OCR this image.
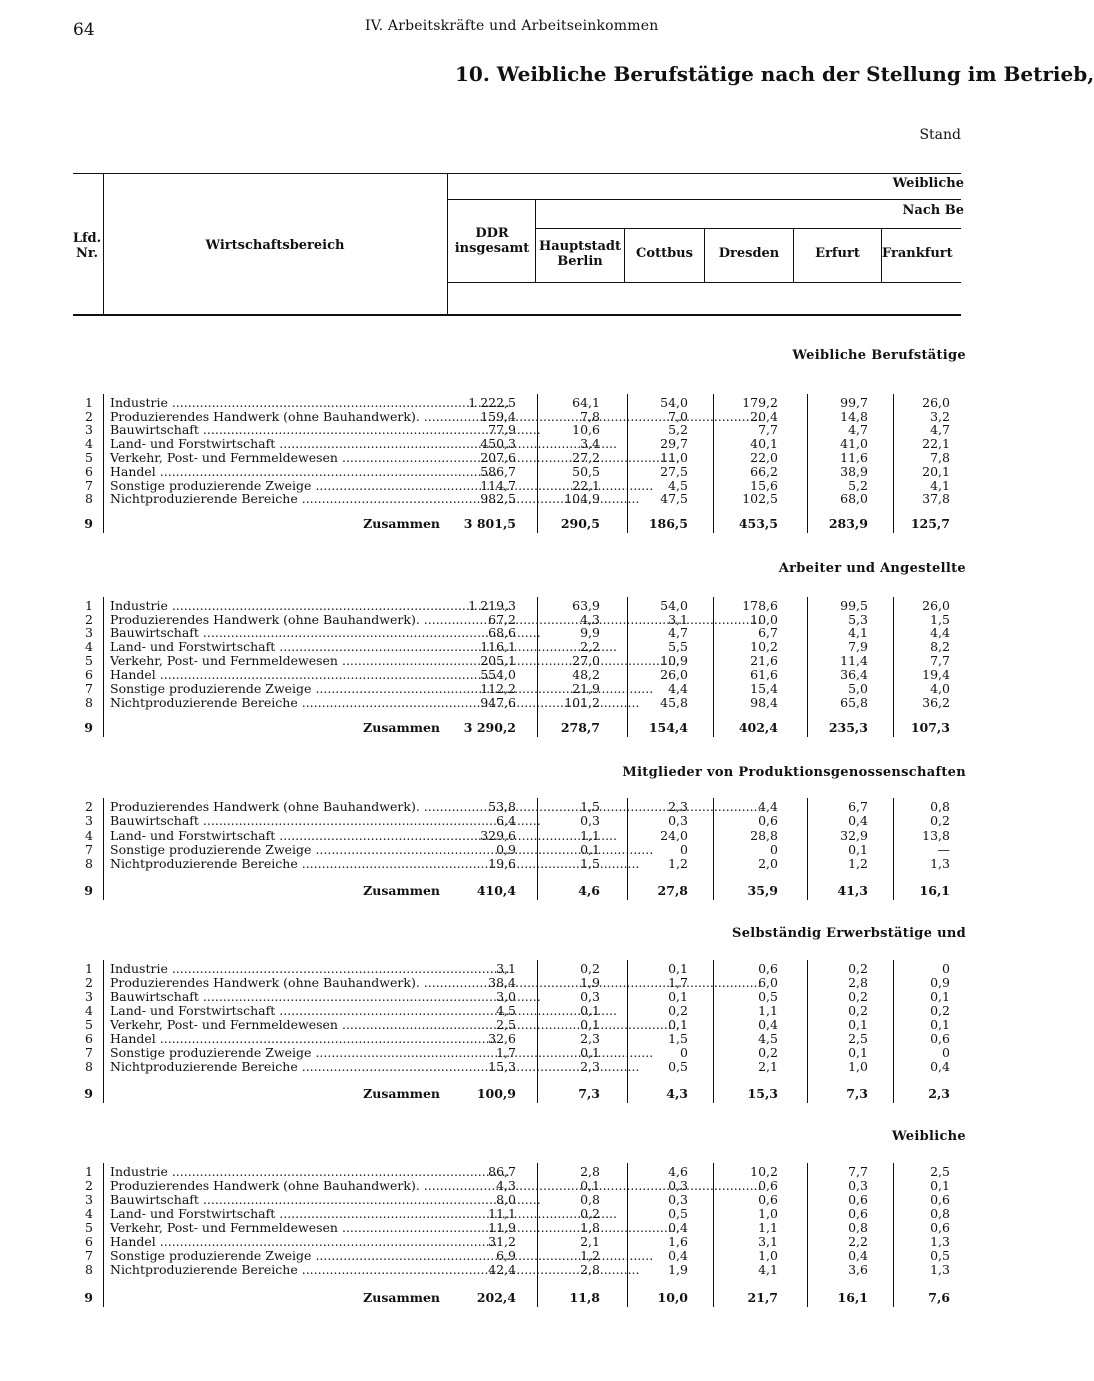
64	IV. Arbeitskräfte und Arbeitseinkommen
10. Weibliche Berufstätige nach der Stellung im Betrieb,
Stand
Lfd.
Nr.
Wirtschaftsbereich
DDR
insgesamt
Weibliche
Nach Be
Hauptstadt
Berlin
Cottbus	Dresden	Erfurt	Frankfurt
Weibliche Berufstätige
1 Industrie .....	1 222,5	64,1	54,0	179,2	99,7	26,0
2 Produzierendes Handwerk (ohne Bauhandwerk). .....	159,4	7,8	7,0	20,4	14,8	3,2
3 Bauwirtschaft .....	77,9	10,6	5,2	7,7	4,7	4,7
4 Land- und Forstwirtschaft .....	450,3	3,4	29,7	40,1	41,0	22,1
5 Verkehr, Post- und Fernmeldewesen .....	207,6	27,2	11,0	22,0	11,6	7,8
6 Handel .....	586,7	50,5	27,5	66,2	38,9	20,1
7 Sonstige produzierende Zweige .....	114,7	22,1	4,5	15,6	5,2	4,1
8 Nichtproduzierende Bereiche .....	982,5	104,9	47,5	102,5	68,0	37,8
9	Zusammen	3 801,5	290,5	186,5	453,5	283,9	125,7
Arbeiter und Angestellte
1 Industrie .....	1 219,3	63,9	54,0	178,6	99,5	26,0
2 Produzierendes Handwerk (ohne Bauhandwerk). .....	67,2	4,3	3,1	10,0	5,3	1,5
3 Bauwirtschaft .....	68,6	9,9	4,7	6,7	4,1	4,4
4 Land- und Forstwirtschaft .....	116,1	2,2	5,5	10,2	7,9	8,2
5 Verkehr, Post- und Fernmeldewesen .....	205,1	27,0	10,9	21,6	11,4	7,7
6 Handel .....	554,0	48,2	26,0	61,6	36,4	19,4
7 Sonstige produzierende Zweige .....	112,2	21,9	4,4	15,4	5,0	4,0
8 Nichtproduzierende Bereiche .....	947,6	101,2	45,8	98,4	65,8	36,2
9	Zusammen	3 290,2	278,7	154,4	402,4	235,3	107,3
Mitglieder von Produktionsgenossenschaften
2 Produzierendes Handwerk (ohne Bauhandwerk). .....	53,8	1,5	2,3	4,4	6,7	0,8
3 Bauwirtschaft .....	6,4	0,3	0,3	0,6	0,4	0,2
4 Land- und Forstwirtschaft .....	329,6	1,1	24,0	28,8	32,9	13,8
7 Sonstige produzierende Zweige .....	0,9	0,1	0	0	0,1	—
8 Nichtproduzierende Bereiche .....	19,6	1,5	1,2	2,0	1,2	1,3
9	Zusammen	410,4	4,6	27,8	35,9	41,3	16,1
Selbständig Erwerbstätige und
1 Industrie .....	3,1	0,2	0,1	0,6	0,2	0
2 Produzierendes Handwerk (ohne Bauhandwerk). .....	38,4	1,9	1,7	6,0	2,8	0,9
3 Bauwirtschaft .....	3,0	0,3	0,1	0,5	0,2	0,1
4 Land- und Forstwirtschaft .....	4,5	0,1	0,2	1,1	0,2	0,2
5 Verkehr, Post- und Fernmeldewesen .....	2,5	0,1	0,1	0,4	0,1	0,1
6 Handel .....	32,6	2,3	1,5	4,5	2,5	0,6
7 Sonstige produzierende Zweige .....	1,7	0,1	0	0,2	0,1	0
8 Nichtproduzierende Bereiche .....	15,3	2,3	0,5	2,1	1,0	0,4
9	Zusammen	100,9	7,3	4,3	15,3	7,3	2,3
Weibliche
1 Industrie .....	86,7	2,8	4,6	10,2	7,7	2,5
2 Produzierendes Handwerk (ohne Bauhandwerk). .....	4,3	0,1	0,3	0,6	0,3	0,1
3 Bauwirtschaft .....	8,0	0,8	0,3	0,6	0,6	0,6
4 Land- und Forstwirtschaft .....	11,1	0,2	0,5	1,0	0,6	0,8
5 Verkehr, Post- und Fernmeldewesen .....	11,9	1,8	0,4	1,1	0,8	0,6
6 Handel .....	31,2	2,1	1,6	3,1	2,2	1,3
7 Sonstige produzierende Zweige .....	6,9	1,2	0,4	1,0	0,4	0,5
8 Nichtproduzierende Bereiche .....	42,4	2,8	1,9	4,1	3,6	1,3
9	Zusammen	202,4	11,8	10,0	21,7	16,1	7,6
